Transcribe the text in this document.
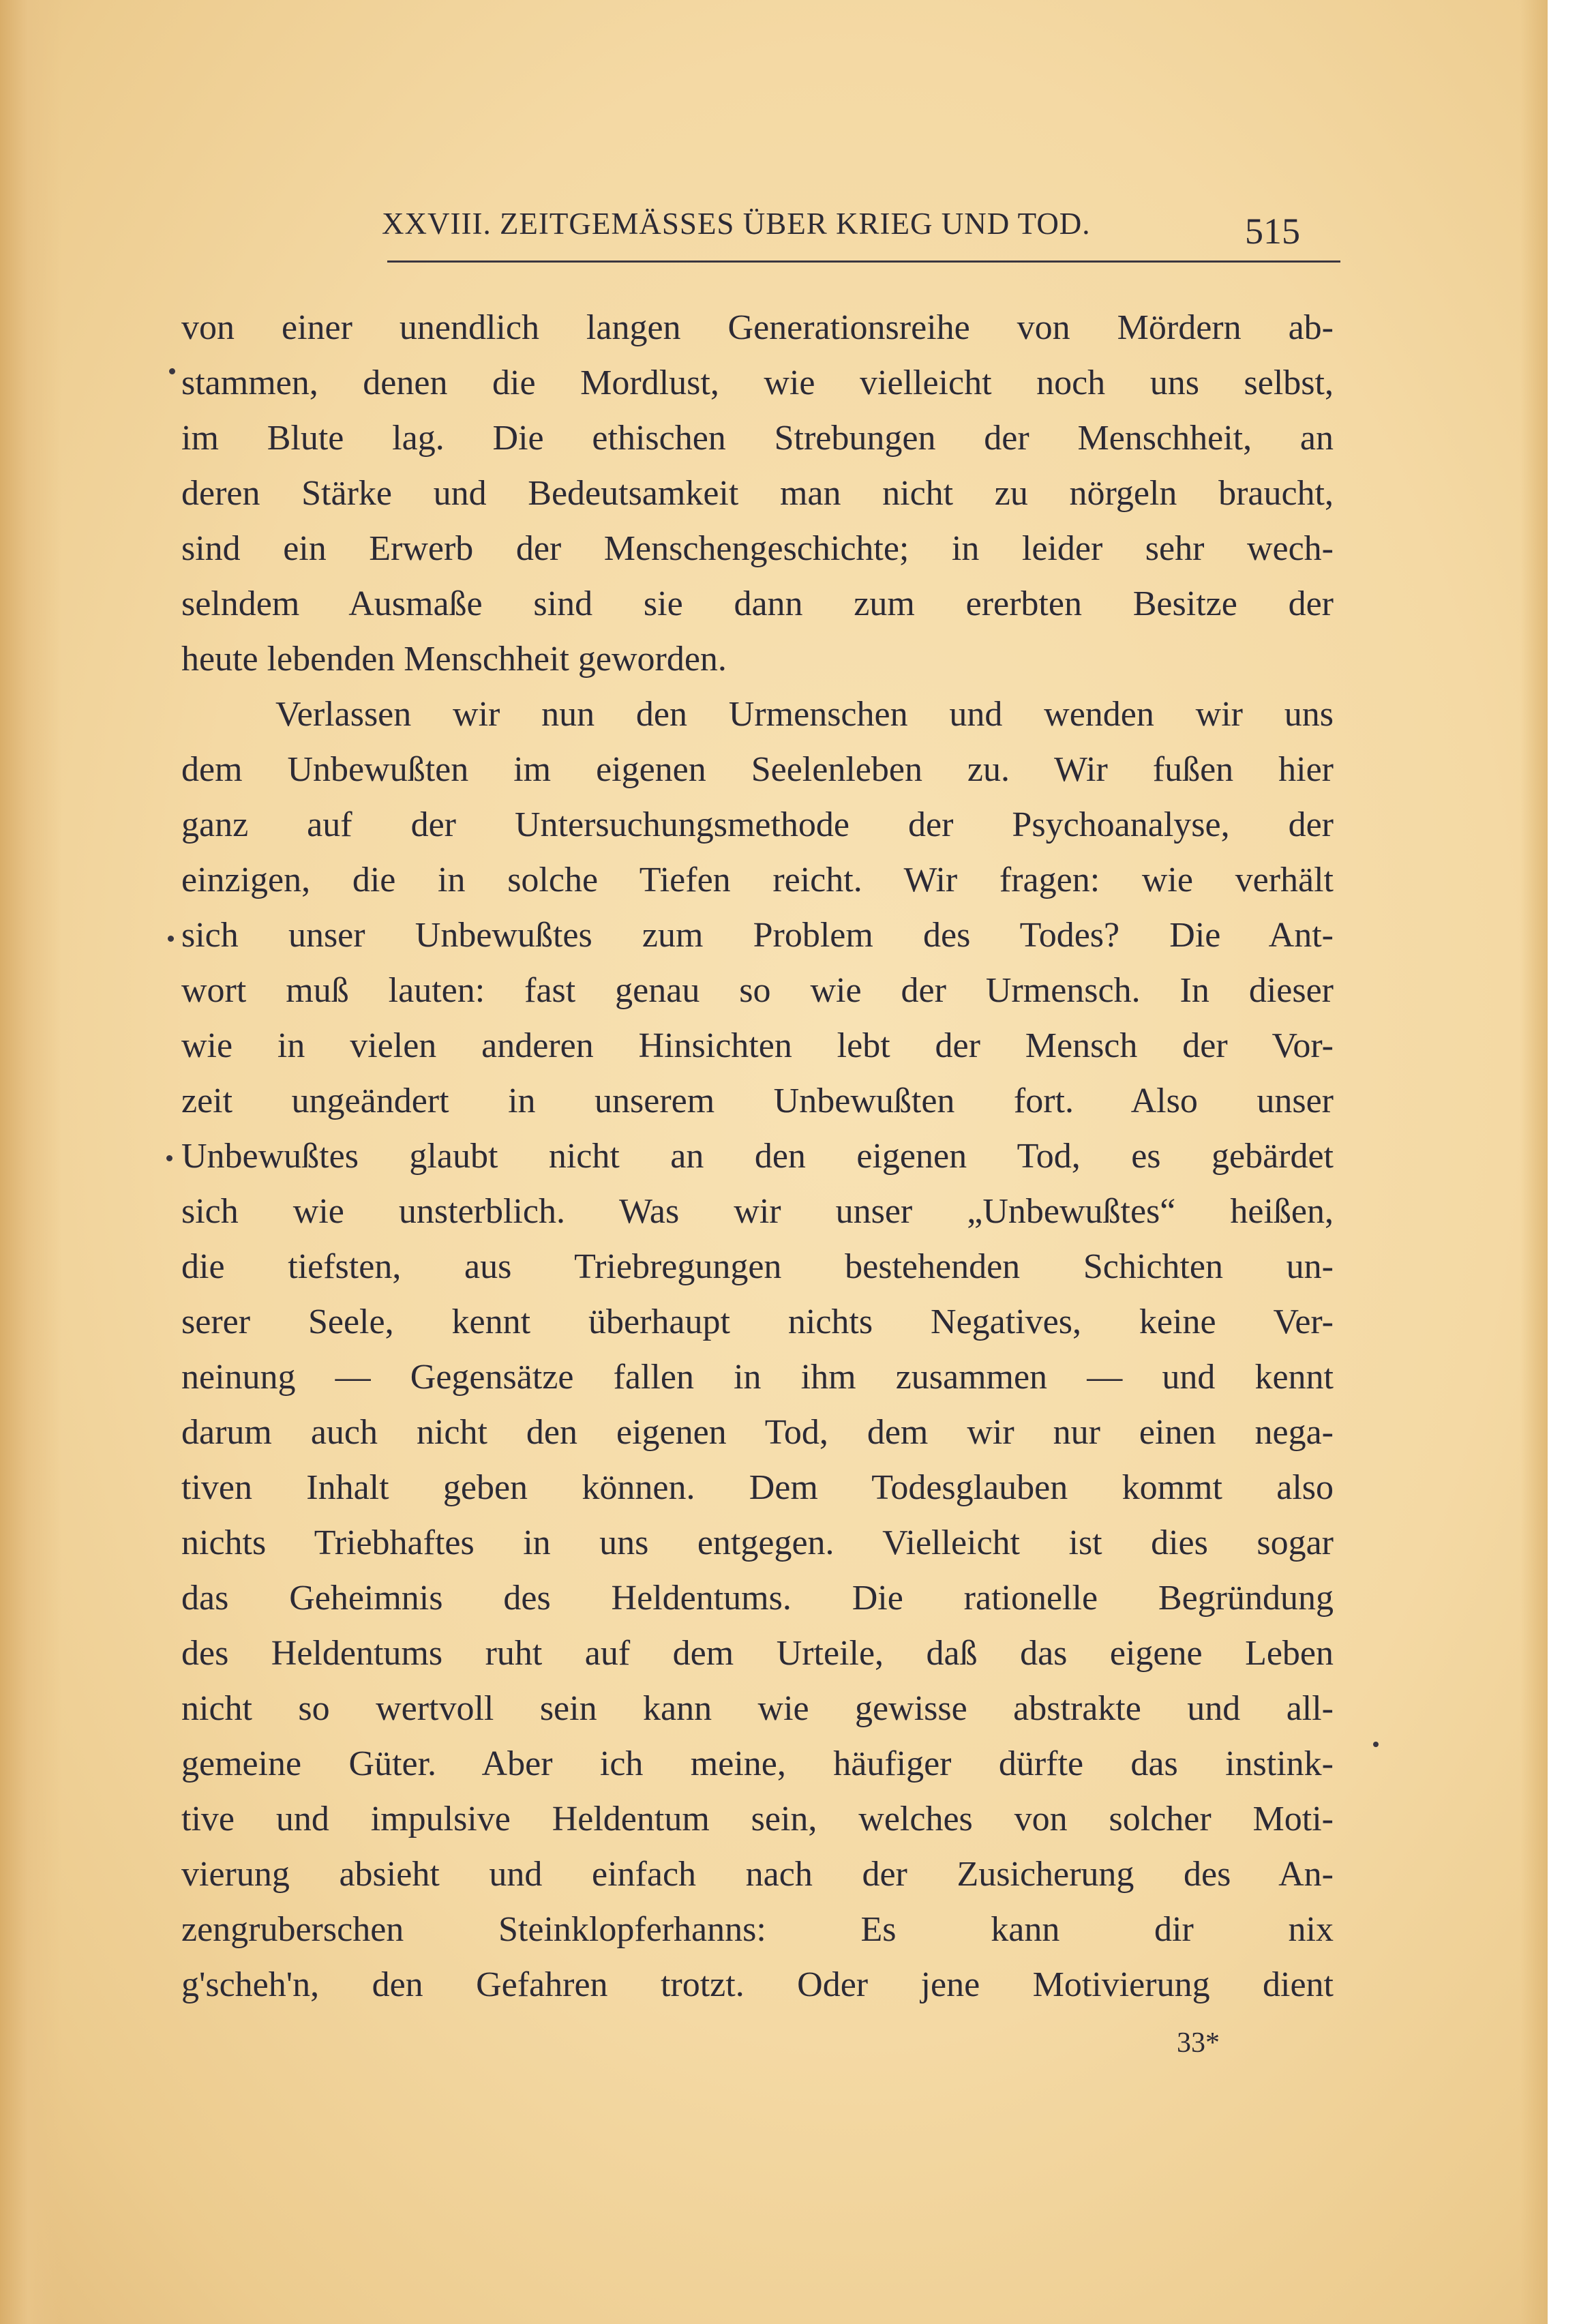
XXVIII. ZEITGEMÄSSES ÜBER KRIEG UND TOD.	515
von einer unendlich langen Generationsreihe von Mördern ab-
stammen, denen die Mordlust, wie vielleicht noch uns selbst,
im Blute lag. Die ethischen Strebungen der Menschheit, an
deren Stärke und Bedeutsamkeit man nicht zu nörgeln braucht,
sind ein Erwerb der Menschengeschichte; in leider sehr wech-
selndem Ausmaße sind sie dann zum ererbten Besitze der
heute lebenden Menschheit geworden.
Verlassen wir nun den Urmenschen und wenden wir uns
dem Unbewußten im eigenen Seelenleben zu. Wir fußen hier
ganz auf der Untersuchungsmethode der Psychoanalyse, der
einzigen, die in solche Tiefen reicht. Wir fragen: wie verhält
sich unser Unbewußtes zum Problem des Todes? Die Ant-
wort muß lauten: fast genau so wie der Urmensch. In dieser
wie in vielen anderen Hinsichten lebt der Mensch der Vor-
zeit ungeändert in unserem Unbewußten fort. Also unser
Unbewußtes glaubt nicht an den eigenen Tod, es gebärdet
sich wie unsterblich. Was wir unser „Unbewußtes“ heißen,
die tiefsten, aus Triebregungen bestehenden Schichten un-
serer Seele, kennt überhaupt nichts Negatives, keine Ver-
neinung — Gegensätze fallen in ihm zusammen — und kennt
darum auch nicht den eigenen Tod, dem wir nur einen nega-
tiven Inhalt geben können. Dem Todesglauben kommt also
nichts Triebhaftes in uns entgegen. Vielleicht ist dies sogar
das Geheimnis des Heldentums. Die rationelle Begründung
des Heldentums ruht auf dem Urteile, daß das eigene Leben
nicht so wertvoll sein kann wie gewisse abstrakte und all-
gemeine Güter. Aber ich meine, häufiger dürfte das instink-
tive und impulsive Heldentum sein, welches von solcher Moti-
vierung absieht und einfach nach der Zusicherung des An-
zengruberschen Steinklopferhanns: Es kann dir nix
g'scheh'n, den Gefahren trotzt. Oder jene Motivierung dient
33*
